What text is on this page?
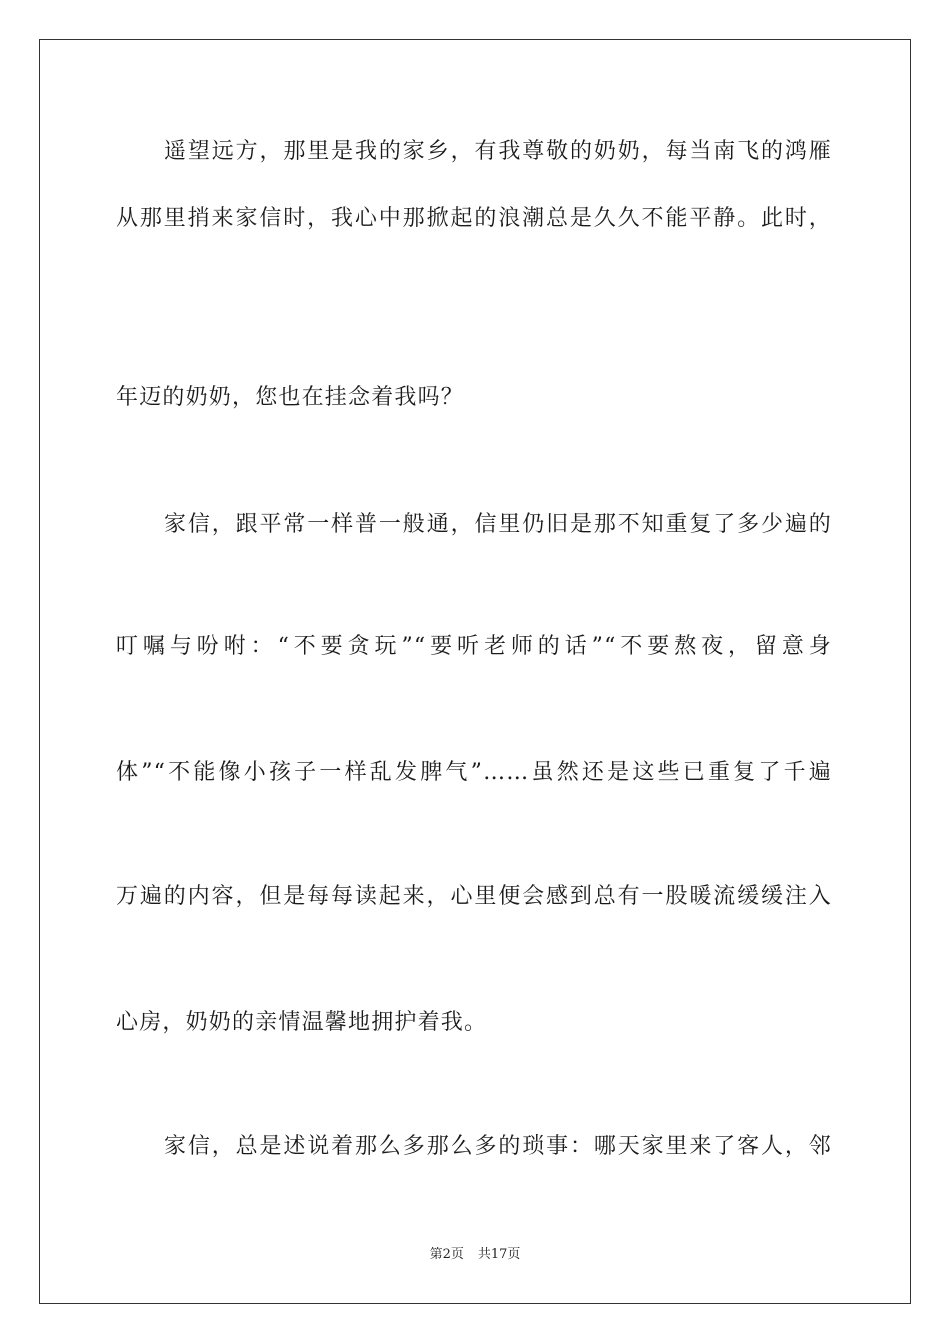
遥望远方，那里是我的家乡，有我尊敬的奶奶，每当南飞的鸿雁
从那里捎来家信时，我心中那掀起的浪潮总是久久不能平静。此时，
年迈的奶奶，您也在挂念着我吗？
家信，跟平常一样普一般通，信里仍旧是那不知重复了多少遍的
叮嘱与吩咐：“不要贪玩”“要听老师的话”“不要熬夜，留意身
体”“不能像小孩子一样乱发脾气”……虽然还是这些已重复了千遍
万遍的内容，但是每每读起来，心里便会感到总有一股暖流缓缓注入
心房，奶奶的亲情温馨地拥护着我。
家信，总是述说着那么多那么多的琐事：哪天家里来了客人，邻
第2页 共17页
